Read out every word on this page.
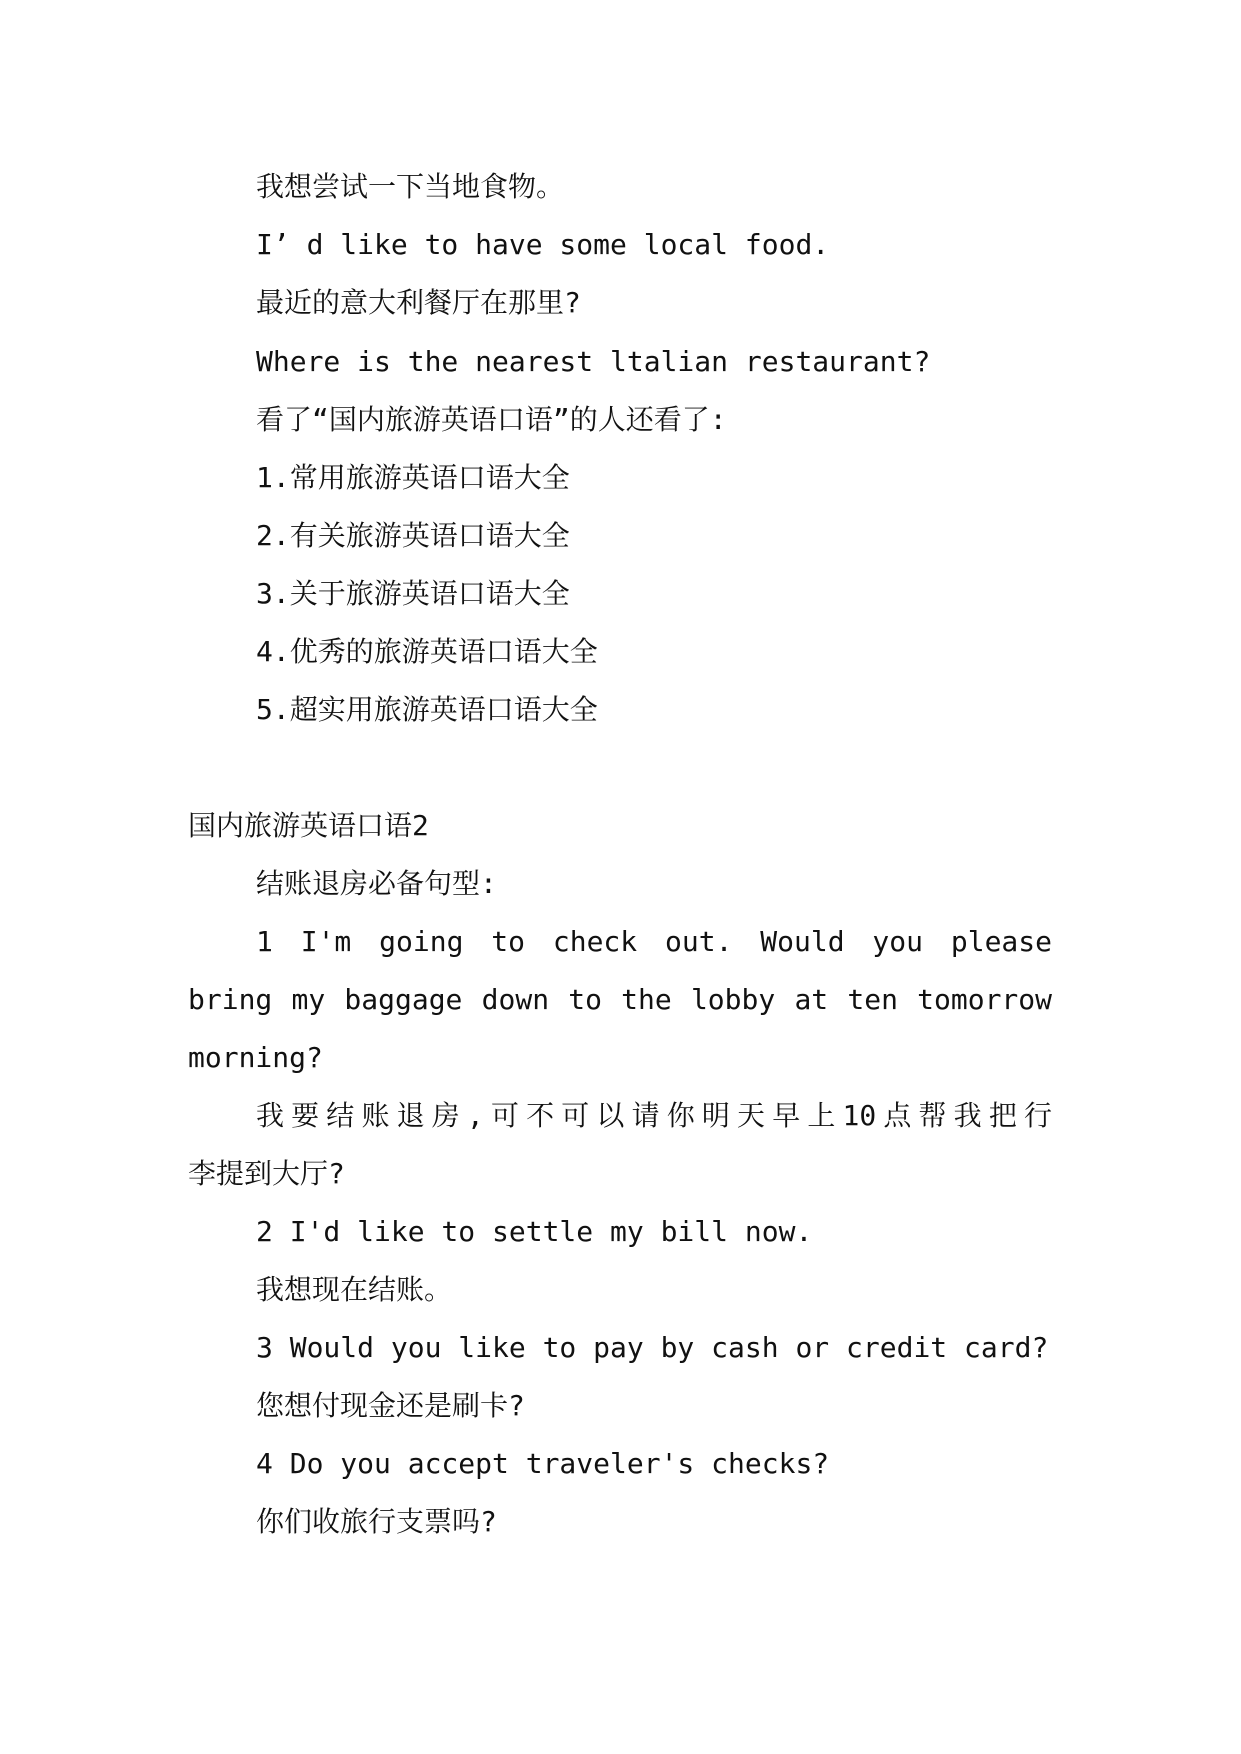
我想尝试一下当地食物。
I’ d like to have some local food.
最近的意大利餐厅在那里?
Where is the nearest ltalian restaurant?
看了“国内旅游英语口语”的人还看了:
1.常用旅游英语口语大全
2.有关旅游英语口语大全
3.关于旅游英语口语大全
4.优秀的旅游英语口语大全
5.超实用旅游英语口语大全
国内旅游英语口语2
结账退房必备句型:
1 I'm going to check out. Would you please
bring my baggage down to the lobby at ten tomorrow
morning?
我要结账退房,可不可以请你明天早上10点帮我把行
李提到大厅?
2 I'd like to settle my bill now.
我想现在结账。
3 Would you like to pay by cash or credit card?
您想付现金还是刷卡?
4 Do you accept traveler's checks?
你们收旅行支票吗?
